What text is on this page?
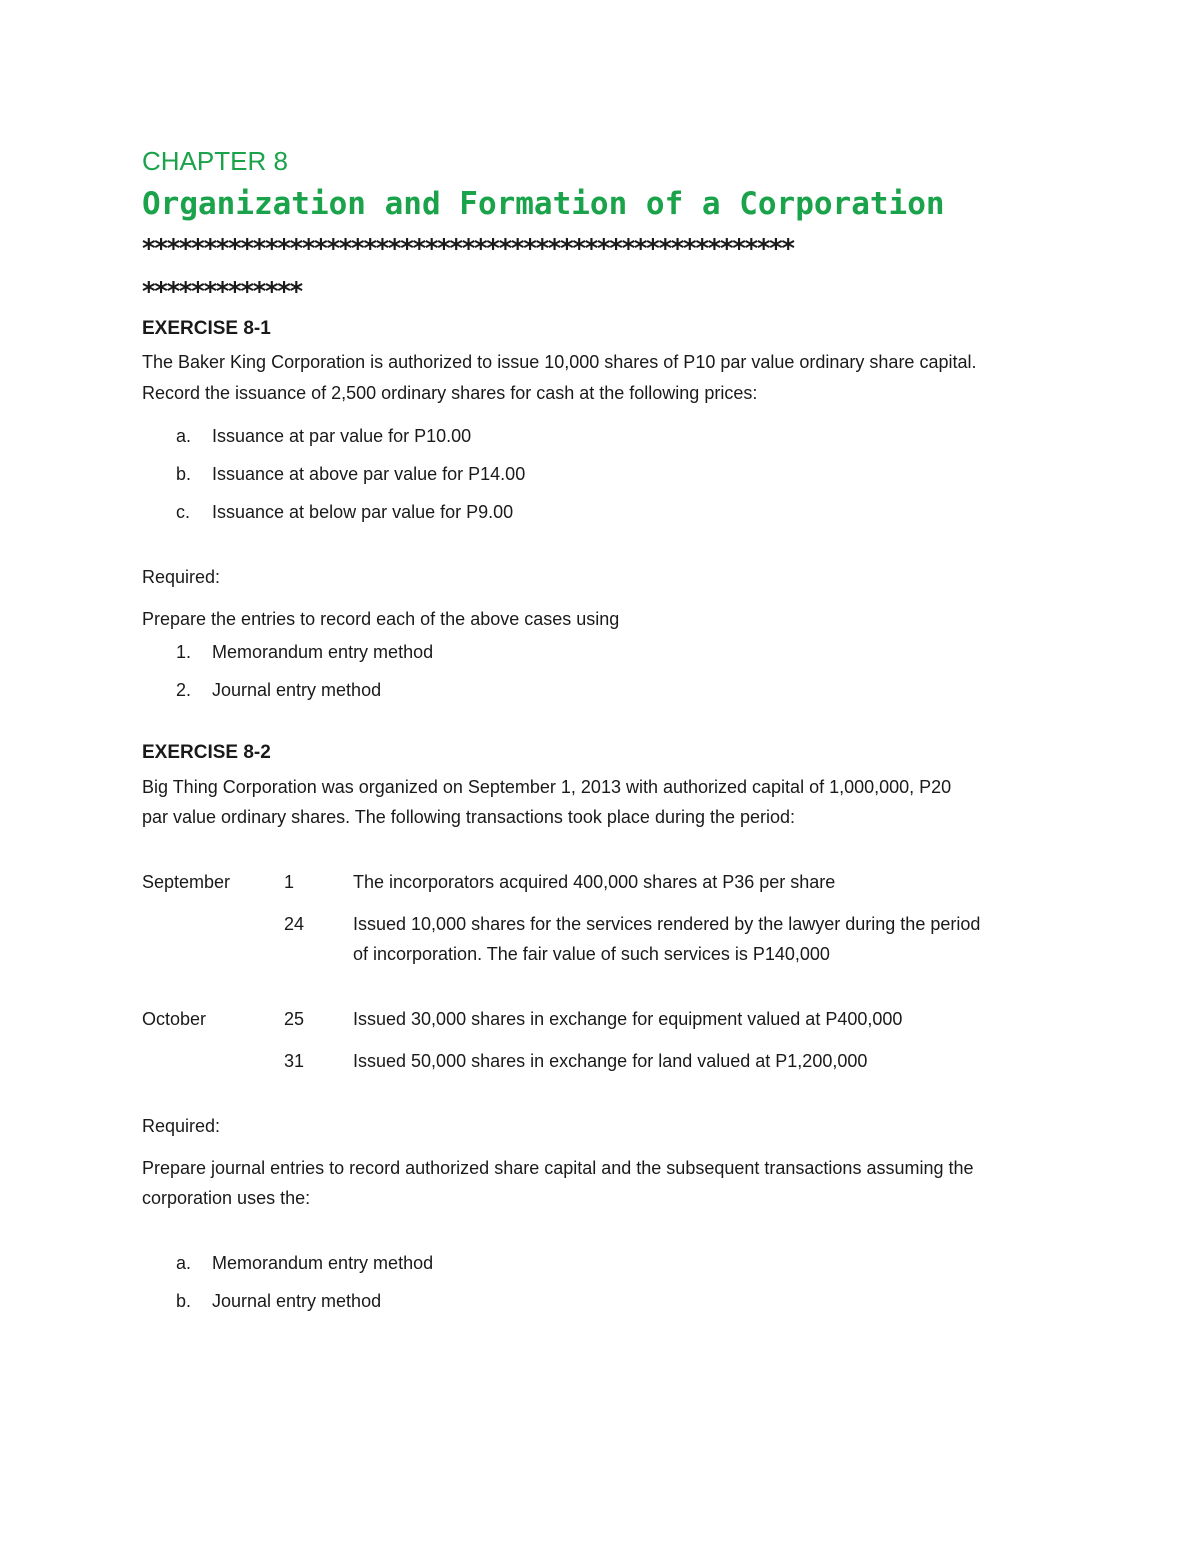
CHAPTER 8
Organization and Formation of a Corporation
*****************************************************
*************
EXERCISE 8-1
The Baker King Corporation is authorized to issue 10,000 shares of P10 par value ordinary share capital.
Record the issuance of 2,500 ordinary shares for cash at the following prices:
a. Issuance at par value for P10.00
b. Issuance at above par value for P14.00
c. Issuance at below par value for P9.00
Required:
Prepare the entries to record each of the above cases using
1. Memorandum entry method
2. Journal entry method
EXERCISE 8-2
Big Thing Corporation was organized on September 1, 2013 with authorized capital of 1,000,000, P20
par value ordinary shares. The following transactions took place during the period:
September	1	The incorporators acquired 400,000 shares at P36 per share
24	Issued 10,000 shares for the services rendered by the lawyer during the period
of incorporation. The fair value of such services is P140,000
October	25	Issued 30,000 shares in exchange for equipment valued at P400,000
31	Issued 50,000 shares in exchange for land valued at P1,200,000
Required:
Prepare journal entries to record authorized share capital and the subsequent transactions assuming the
corporation uses the:
a. Memorandum entry method
b. Journal entry method
